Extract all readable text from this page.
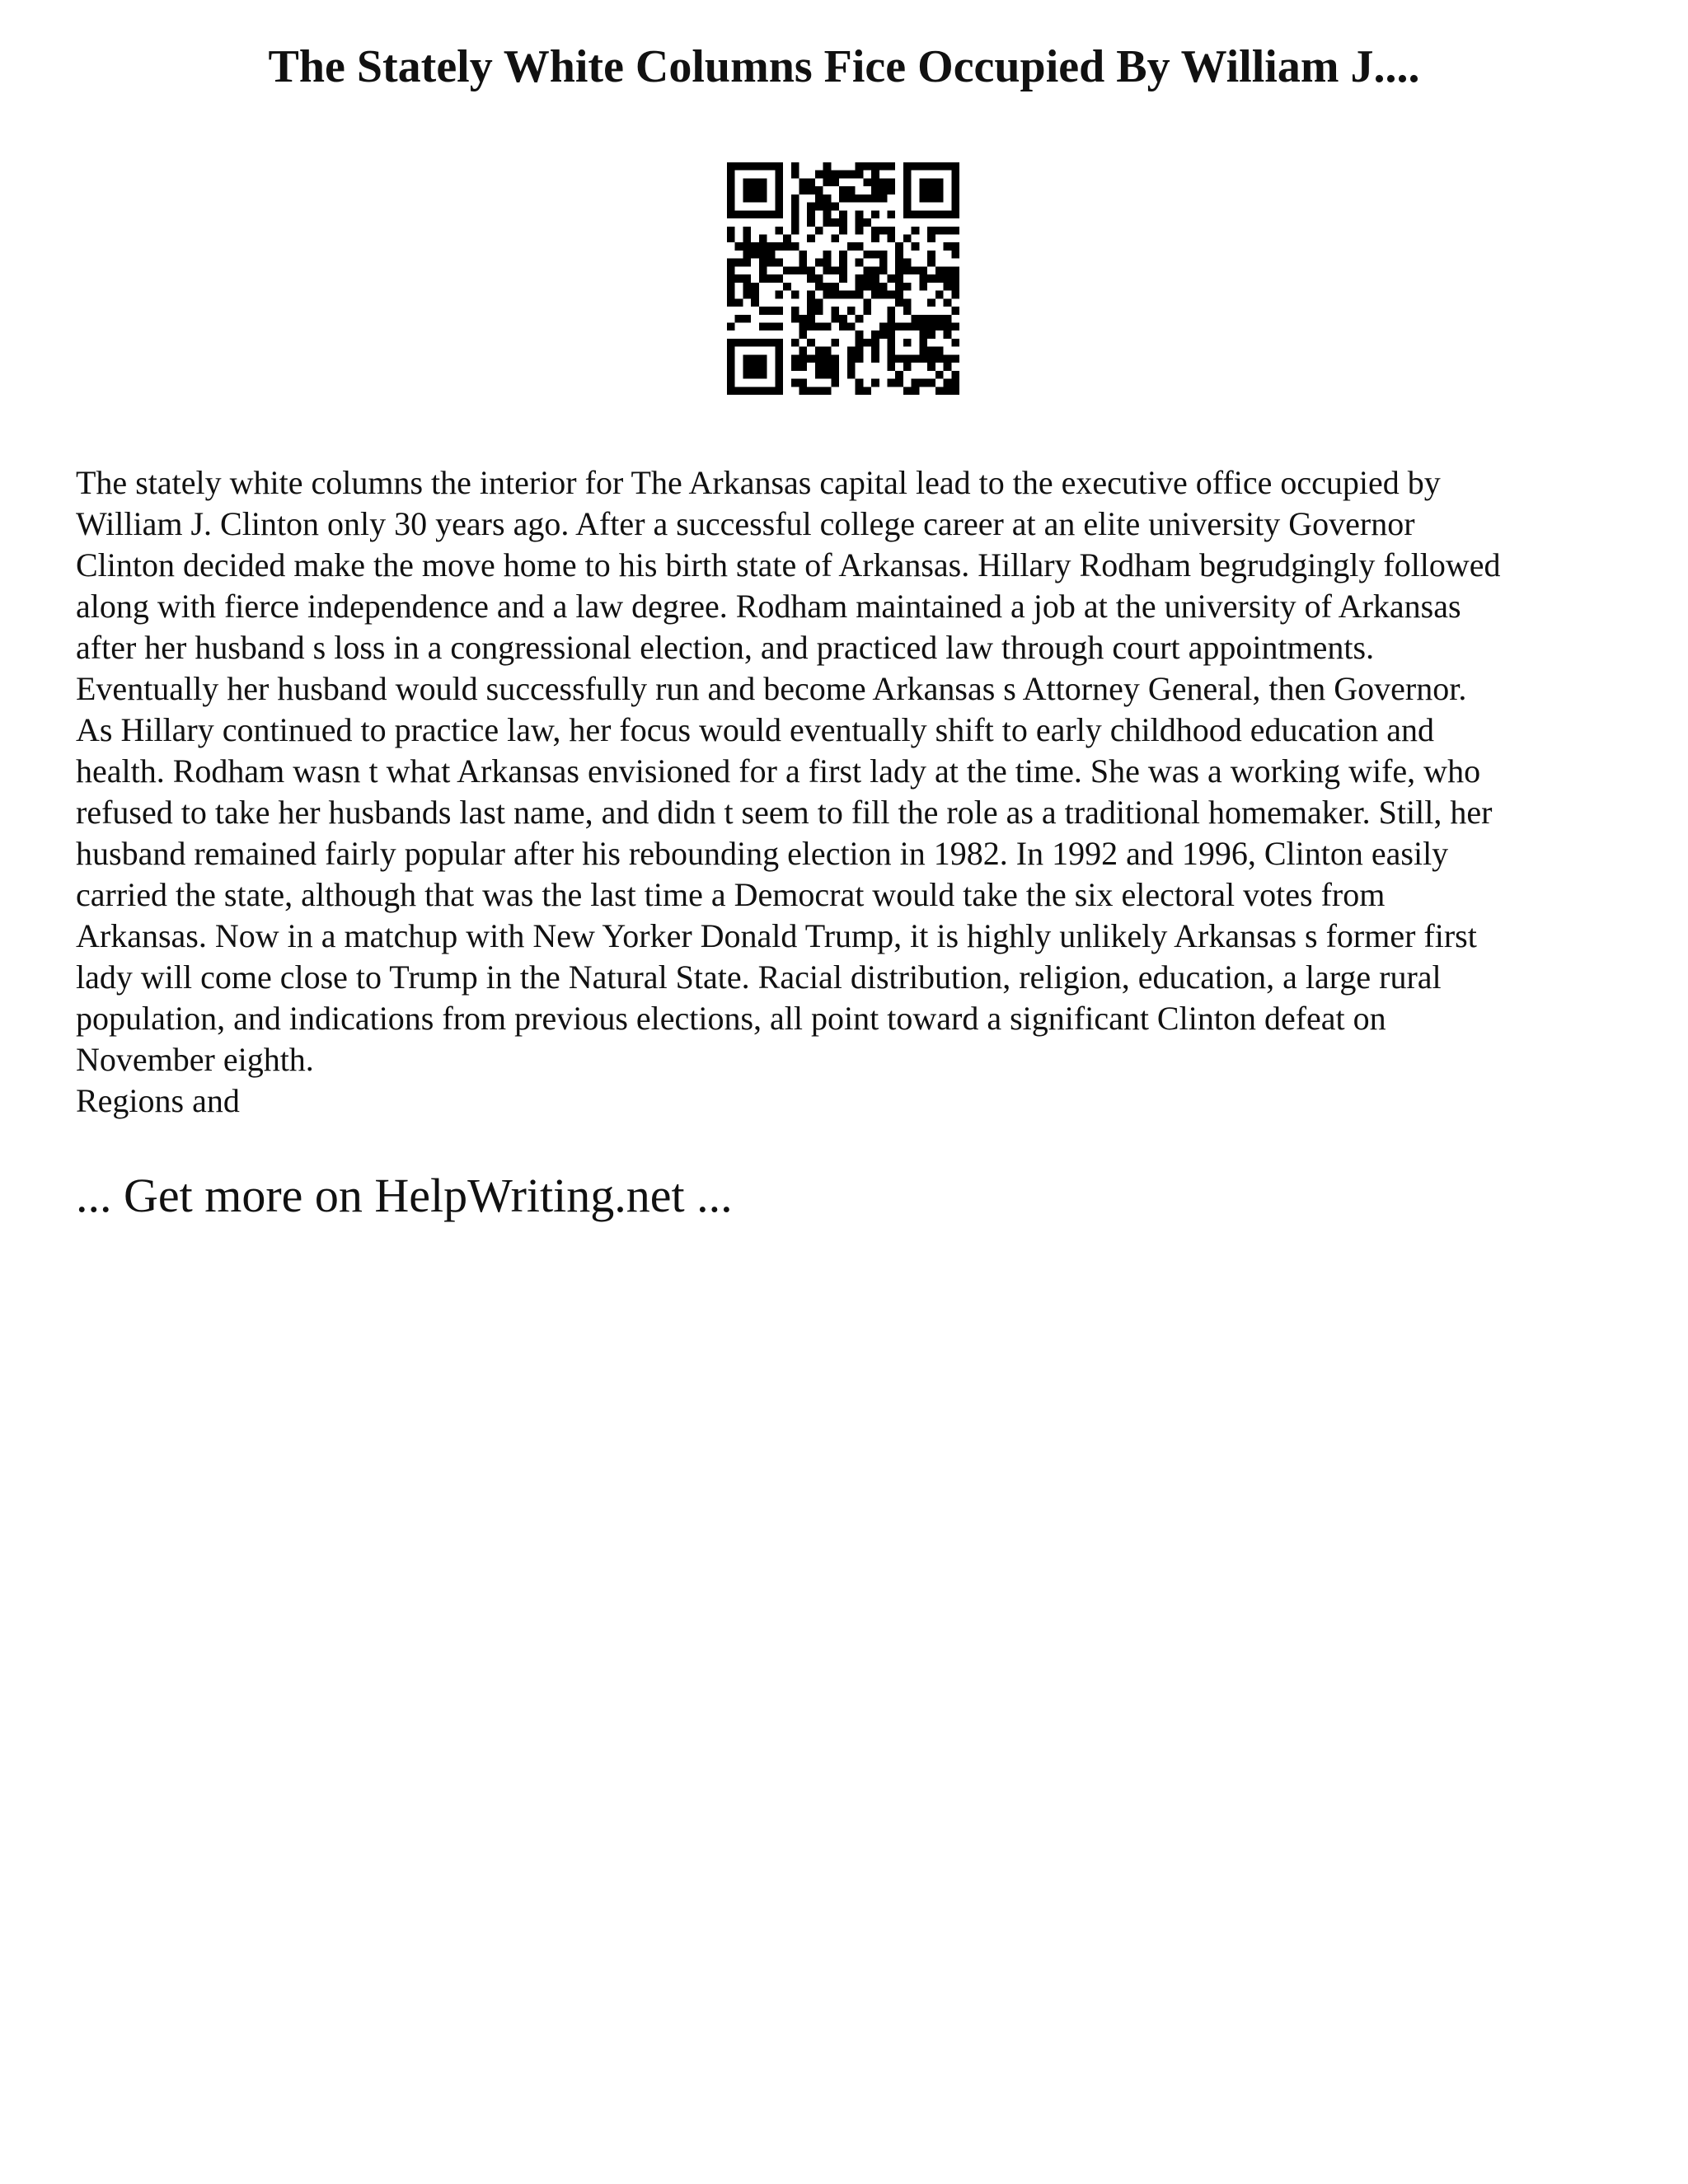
The Stately White Columns Fice Occupied By William J....

The stately white columns the interior for The Arkansas capital lead to the executive office occupied by
William J. Clinton only 30 years ago. After a successful college career at an elite university Governor
Clinton decided make the move home to his birth state of Arkansas. Hillary Rodham begrudgingly followed
along with fierce independence and a law degree. Rodham maintained a job at the university of Arkansas
after her husband s loss in a congressional election, and practiced law through court appointments.
Eventually her husband would successfully run and become Arkansas s Attorney General, then Governor.
As Hillary continued to practice law, her focus would eventually shift to early childhood education and
health. Rodham wasn t what Arkansas envisioned for a first lady at the time. She was a working wife, who
refused to take her husbands last name, and didn t seem to fill the role as a traditional homemaker. Still, her
husband remained fairly popular after his rebounding election in 1982. In 1992 and 1996, Clinton easily
carried the state, although that was the last time a Democrat would take the six electoral votes from
Arkansas. Now in a matchup with New Yorker Donald Trump, it is highly unlikely Arkansas s former first
lady will come close to Trump in the Natural State. Racial distribution, religion, education, a large rural
population, and indications from previous elections, all point toward a significant Clinton defeat on
November eighth.
Regions and

... Get more on HelpWriting.net ...
